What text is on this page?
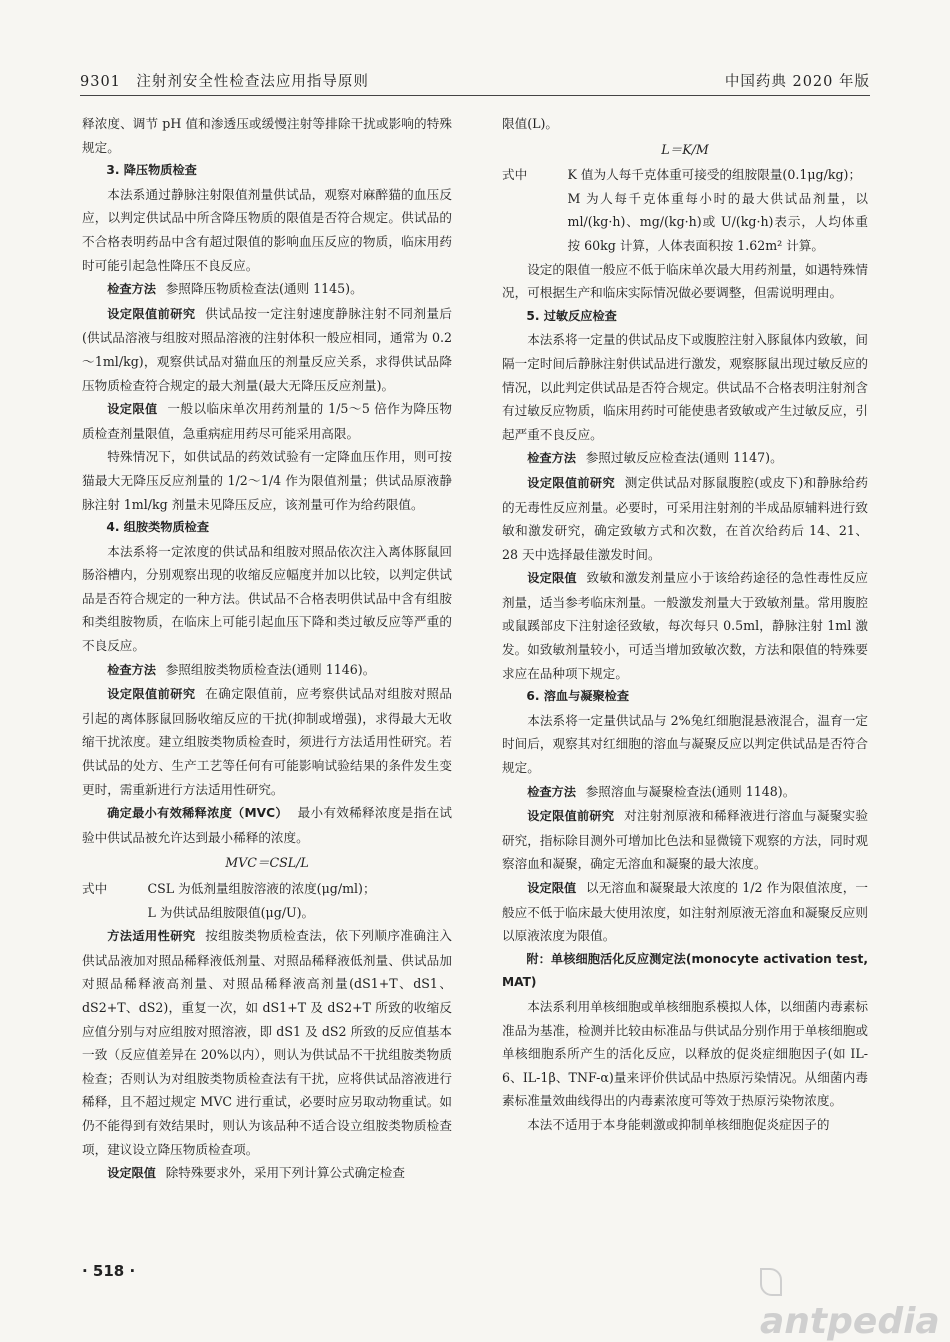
9301　注射剂安全性检查法应用指导原则	中国药典 2020 年版

释浓度、调节 pH 值和渗透压或缓慢注射等排除干扰或影响的特殊规定。

3. 降压物质检查

本法系通过静脉注射限值剂量供试品，观察对麻醉猫的血压反应，以判定供试品中所含降压物质的限值是否符合规定。供试品的不合格表明药品中含有超过限值的影响血压反应的物质，临床用药时可能引起急性降压不良反应。

检查方法 参照降压物质检查法(通则 1145)。

设定限值前研究 供试品按一定注射速度静脉注射不同剂量后(供试品溶液与组胺对照品溶液的注射体积一般应相同，通常为 0.2～1ml/kg)，观察供试品对猫血压的剂量反应关系，求得供试品降压物质检查符合规定的最大剂量(最大无降压反应剂量)。

设定限值 一般以临床单次用药剂量的 1/5～5 倍作为降压物质检查剂量限值，急重病症用药尽可能采用高限。

特殊情况下，如供试品的药效试验有一定降血压作用，则可按猫最大无降压反应剂量的 1/2～1/4 作为限值剂量；供试品原液静脉注射 1ml/kg 剂量未见降压反应，该剂量可作为给药限值。

4. 组胺类物质检查

本法系将一定浓度的供试品和组胺对照品依次注入离体豚鼠回肠浴槽内，分别观察出现的收缩反应幅度并加以比较，以判定供试品是否符合规定的一种方法。供试品不合格表明供试品中含有组胺和类组胺物质，在临床上可能引起血压下降和类过敏反应等严重的不良反应。

检查方法 参照组胺类物质检查法(通则 1146)。

设定限值前研究 在确定限值前，应考察供试品对组胺对照品引起的离体豚鼠回肠收缩反应的干扰(抑制或增强)，求得最大无收缩干扰浓度。建立组胺类物质检查时，须进行方法适用性研究。若供试品的处方、生产工艺等任何有可能影响试验结果的条件发生变更时，需重新进行方法适用性研究。

确定最小有效稀释浓度（MVC） 最小有效稀释浓度是指在试验中供试品被允许达到最小稀释的浓度。

MVC＝CSL/L

式中	CSL 为低剂量组胺溶液的浓度(μg/ml)；

L 为供试品组胺限值(μg/U)。

方法适用性研究 按组胺类物质检查法，依下列顺序准确注入供试品液加对照品稀释液低剂量、对照品稀释液低剂量、供试品加对照品稀释液高剂量、对照品稀释液高剂量(dS1+T、dS1、dS2+T、dS2)，重复一次，如 dS1+T 及 dS2+T 所致的收缩反应值分别与对应组胺对照溶液，即 dS1 及 dS2 所致的反应值基本一致（反应值差异在 20%以内），则认为供试品不干扰组胺类物质检查；否则认为对组胺类物质检查法有干扰，应将供试品溶液进行稀释，且不超过规定 MVC 进行重试，必要时应另取动物重试。如仍不能得到有效结果时，则认为该品种不适合设立组胺类物质检查项，建议设立降压物质检查项。

设定限值 除特殊要求外，采用下列计算公式确定检查

限值(L)。

L＝K/M

式中	K 值为人每千克体重可接受的组胺限量(0.1μg/kg)；

M 为人每千克体重每小时的最大供试品剂量，以 ml/(kg·h)、mg/(kg·h)或 U/(kg·h)表示，人均体重按 60kg 计算，人体表面积按 1.62m² 计算。

设定的限值一般应不低于临床单次最大用药剂量，如遇特殊情况，可根据生产和临床实际情况做必要调整，但需说明理由。

5. 过敏反应检查

本法系将一定量的供试品皮下或腹腔注射入豚鼠体内致敏，间隔一定时间后静脉注射供试品进行激发，观察豚鼠出现过敏反应的情况，以此判定供试品是否符合规定。供试品不合格表明注射剂含有过敏反应物质，临床用药时可能使患者致敏或产生过敏反应，引起严重不良反应。

检查方法 参照过敏反应检查法(通则 1147)。

设定限值前研究 测定供试品对豚鼠腹腔(或皮下)和静脉给药的无毒性反应剂量。必要时，可采用注射剂的半成品原辅料进行致敏和激发研究，确定致敏方式和次数，在首次给药后 14、21、28 天中选择最佳激发时间。

设定限值 致敏和激发剂量应小于该给药途径的急性毒性反应剂量，适当参考临床剂量。一般激发剂量大于致敏剂量。常用腹腔或鼠蹊部皮下注射途径致敏，每次每只 0.5ml，静脉注射 1ml 激发。如致敏剂量较小，可适当增加致敏次数，方法和限值的特殊要求应在品种项下规定。

6. 溶血与凝聚检查

本法系将一定量供试品与 2%兔红细胞混悬液混合，温育一定时间后，观察其对红细胞的溶血与凝聚反应以判定供试品是否符合规定。

检查方法 参照溶血与凝聚检查法(通则 1148)。

设定限值前研究 对注射剂原液和稀释液进行溶血与凝聚实验研究，指标除目测外可增加比色法和显微镜下观察的方法，同时观察溶血和凝聚，确定无溶血和凝聚的最大浓度。

设定限值 以无溶血和凝聚最大浓度的 1/2 作为限值浓度，一般应不低于临床最大使用浓度，如注射剂原液无溶血和凝聚反应则以原液浓度为限值。

附：单核细胞活化反应测定法(monocyte activation test, MAT)

本法系利用单核细胞或单核细胞系模拟人体，以细菌内毒素标准品为基准，检测并比较由标准品与供试品分别作用于单核细胞或单核细胞系所产生的活化反应，以释放的促炎症细胞因子(如 IL-6、IL-1β、TNF-α)量来评价供试品中热原污染情况。从细菌内毒素标准量效曲线得出的内毒素浓度可等效于热原污染物浓度。

本法不适用于本身能刺激或抑制单核细胞促炎症因子的

· 518 ·
antpedia
